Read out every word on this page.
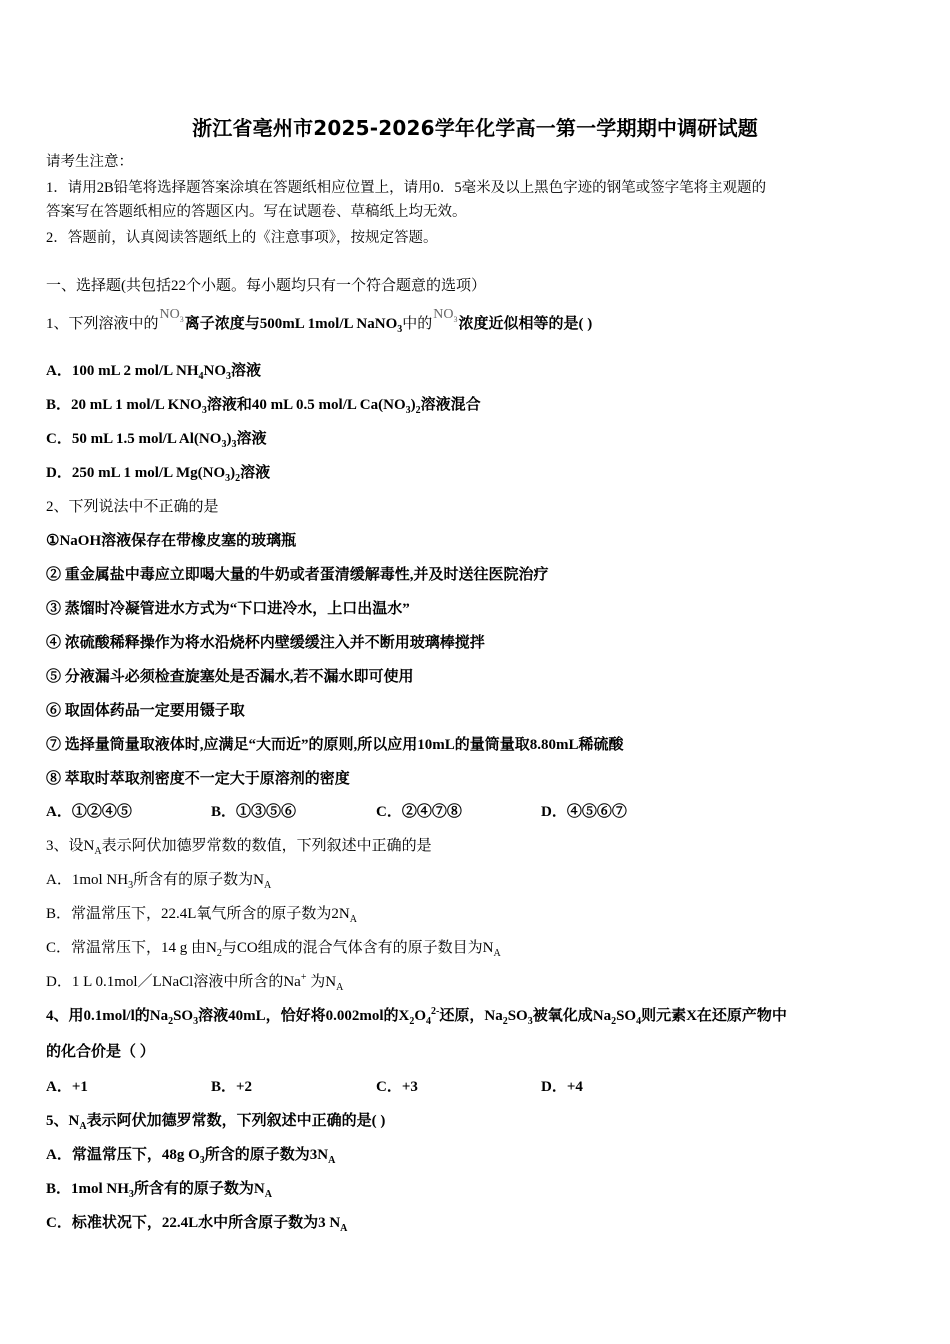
浙江省亳州市2025-2026学年化学高一第一学期期中调研试题
请考生注意：
1．请用2B铅笔将选择题答案涂填在答题纸相应位置上，请用0．5毫米及以上黑色字迹的钢笔或签字笔将主观题的
答案写在答题纸相应的答题区内。写在试题卷、草稿纸上均无效。
2．答题前，认真阅读答题纸上的《注意事项》，按规定答题。
一、选择题(共包括22个小题。每小题均只有一个符合题意的选项）
1、下列溶液中的$NO_3$离子浓度与500mL 1mol/L NaNO$_3$中的$NO_3$浓度近似相等的是( )
A．100 mL 2 mol/L $NH_4NO_3$溶液
B．20 mL 1 mol/L $KNO_3$溶液和40 mL 0.5 mol/L $Ca(NO_3)_2$溶液混合
C．50 mL 1.5 mol/L $Al(NO_3)_3$溶液
D．250 mL 1 mol/L $Mg(NO_3)_2$溶液
2、下列说法中不正确的是
①NaOH溶液保存在带橡皮塞的玻璃瓶
② 重金属盐中毒应立即喝大量的牛奶或者蛋清缓解毒性,并及时送往医院治疗
③ 蒸馏时冷凝管进水方式为“下口进冷水，上口出温水”
④ 浓硫酸稀释操作为将水沿烧杯内壁缓缓注入并不断用玻璃棒搅拌
⑤ 分液漏斗必须检查旋塞处是否漏水,若不漏水即可使用
⑥ 取固体药品一定要用镊子取
⑦ 选择量筒量取液体时,应满足“大而近”的原则,所以应用10mL的量筒量取8.80mL稀硫酸
⑧ 萃取时萃取剂密度不一定大于原溶剂的密度
A．①②④⑤	B．①③⑤⑥	C．②④⑦⑧	D．④⑤⑥⑦
3、设$N_A$表示阿伏加德罗常数的数值，下列叙述中正确的是
A．1mol $NH_3$所含有的原子数为$N_A$
B．常温常压下，22.4L氧气所含的原子数为$2N_A$
C．常温常压下，14 g 由$N_2$与CO组成的混合气体含有的原子数目为$N_A$
D．1 L 0.1mol／LNaCl溶液中所含的Na+ 为$N_A$
4、用0.1mol/l的$Na_2SO_3$溶液40mL，恰好将0.002mol的$X_2O_4^{2-}$还原，$Na_2SO_3$被氧化成$Na_2SO_4$则元素X在还原产物中
的化合价是（ ）
A．+1	B．+2	C．+3	D．+4
5、$N_A$表示阿伏加德罗常数，下列叙述中正确的是( )
A．常温常压下，48g $O_3$所含的原子数为$3N_A$
B．1mol $NH_3$所含有的原子数为$N_A$
C．标准状况下，22.4L水中所含原子数为3 $N_A$
